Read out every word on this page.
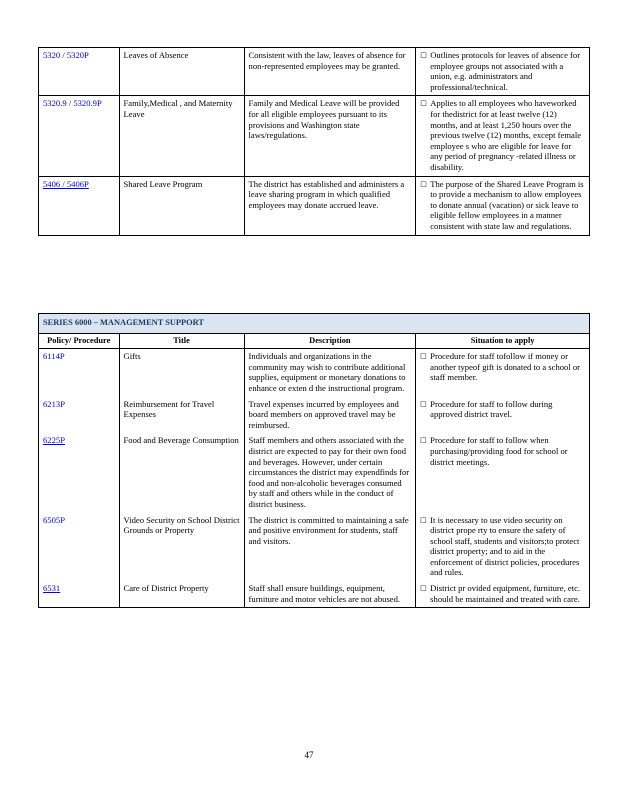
5320 / 5320P	Leaves of Absence	Consistent with the law, leaves of absence for non-represented employees may be granted.	□ Outlines protocols for leaves of absence for employee groups not associated with a union, e.g. administrators and professional/technical.
5320.9 / 5320.9P	Family,Medical , and Maternity Leave	Family and Medical Leave will be provided for all eligible employees pursuant to its provisions and Washington state laws/regulations.	□ Applies to all employees who haveworked for thedistrict for at least twelve (12) months, and at least 1,250 hours over the previous twelve (12) months, except female employee s who are eligible for leave for any period of pregnancy -related illness or disability.
5406 / 5406P	Shared Leave Program	The district has established and administers a leave sharing program in which qualified employees may donate accrued leave.	□ The purpose of the Shared Leave Program is to provide a mechanism to allow employees to donate annual (vacation) or sick leave to eligible fellow employees in a manner consistent with state law and regulations.
SERIES 6000 – MANAGEMENT SUPPORT			
Policy/ Procedure	Title	Description	Situation to apply
6114P	Gifts	Individuals and organizations in the community may wish to contribute additional supplies, equipment or monetary donations to enhance or exten d the instructional program.	□ Procedure for staff tofollow if money or another typeof gift is donated to a school or staff member.
6213P	Reimbursement for Travel Expenses	Travel expenses incurred by employees and board members on approved travel may be reimbursed.	□ Procedure for staff to follow during approved district travel.
6225P	Food and Beverage Consumption	Staff members and others associated with the district are expected to pay for their own food and beverages. However, under certain circumstances the district may expendfinds for food and non-alcoholic beverages consumed by staff and others while in the conduct of district business.	□ Procedure for staff to follow when purchasing/providing food for school or district meetings.
6505P	Video Security on School District Grounds or Property	The district is committed to maintaining a safe and positive environment for students, staff and visitors.	□ It is necessary to use video security on district prope rty to ensure the safety of school staff, students and visitors;to protect district property; and to aid in the enforcement of district policies, procedures and rules.
6531	Care of District Property	Staff shall ensure buildings, equipment, furniture and motor vehicles are not abused.	□ District pr ovided equipment, furniture, etc. should be maintained and treated with care.
47
